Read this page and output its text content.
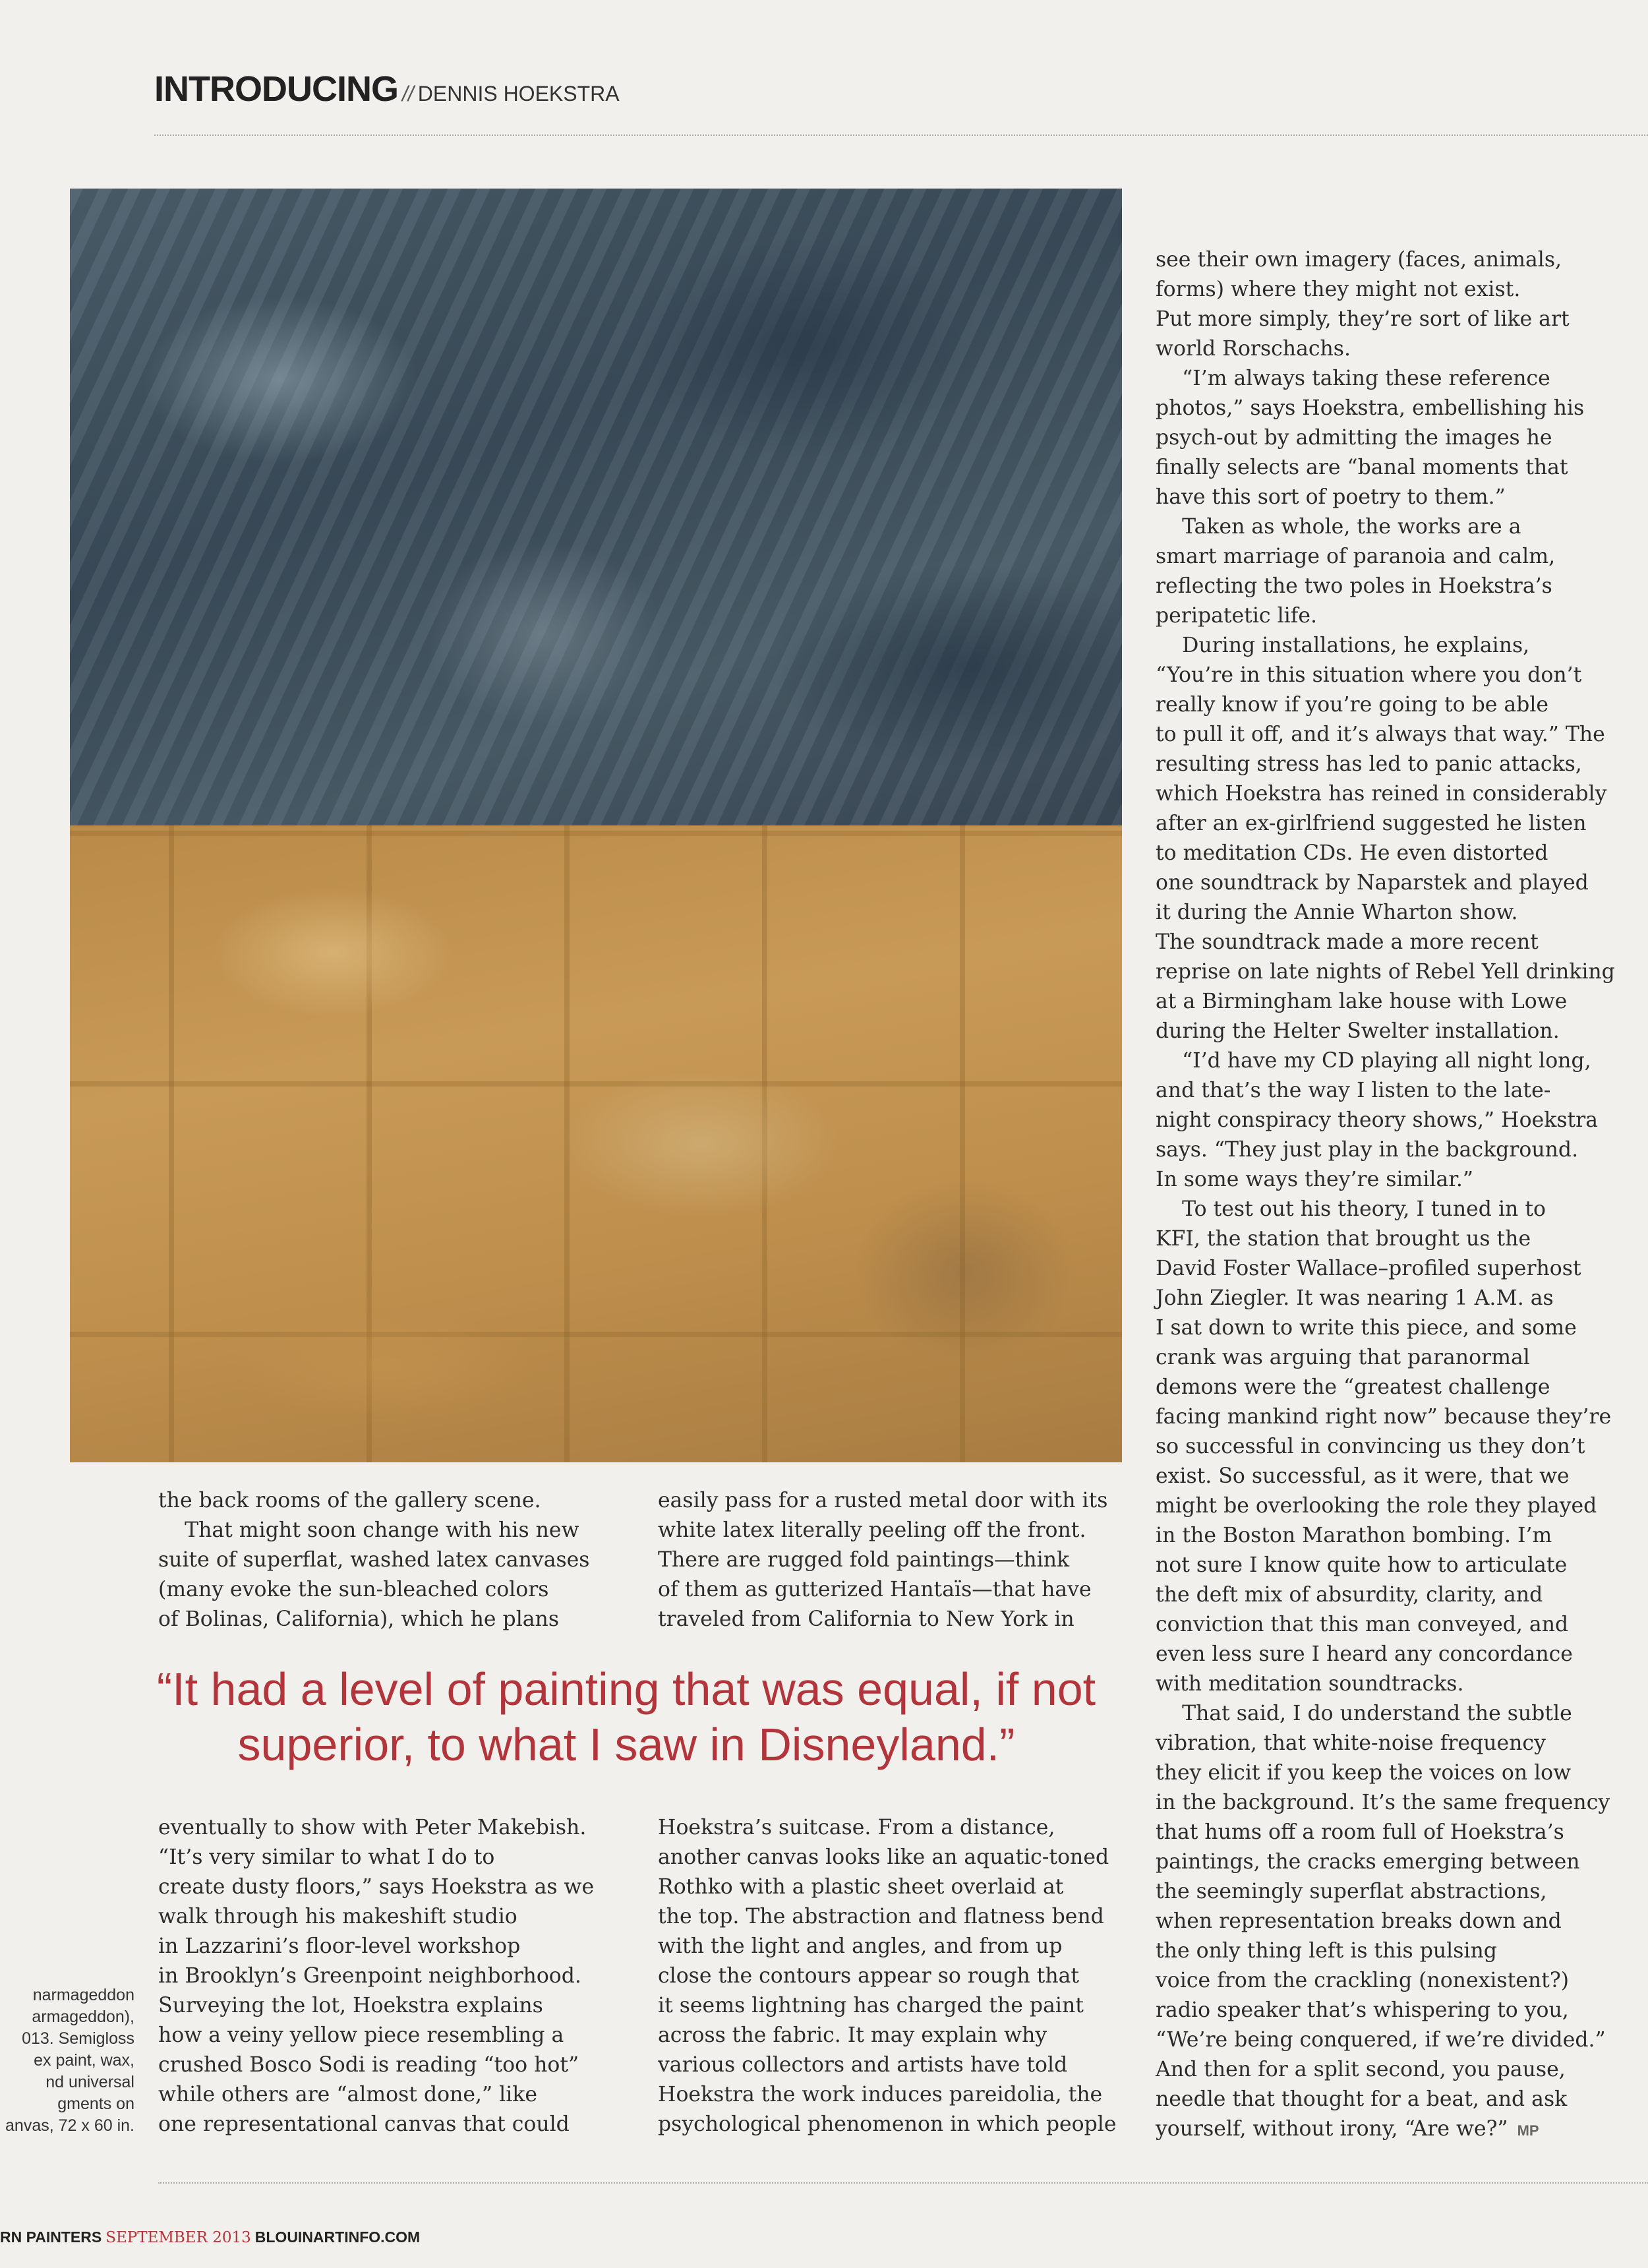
INTRODUCING // DENNIS HOEKSTRA
the back rooms of the gallery scene.
That might soon change with his new
suite of superflat, washed latex canvases
(many evoke the sun-bleached colors
of Bolinas, California), which he plans
easily pass for a rusted metal door with its
white latex literally peeling off the front.
There are rugged fold paintings—think
of them as gutterized Hantaïs—that have
traveled from California to New York in
“It had a level of painting that was equal, if not superior, to what I saw in Disneyland.”
narmageddon
armageddon),
013. Semigloss
ex paint, wax,
nd universal
gments on
anvas, 72 x 60 in.
eventually to show with Peter Makebish.
“It’s very similar to what I do to
create dusty floors,” says Hoekstra as we
walk through his makeshift studio
in Lazzarini’s floor-level workshop
in Brooklyn’s Greenpoint neighborhood.
Surveying the lot, Hoekstra explains
how a veiny yellow piece resembling a
crushed Bosco Sodi is reading “too hot”
while others are “almost done,” like
one representational canvas that could
Hoekstra’s suitcase. From a distance,
another canvas looks like an aquatic-toned
Rothko with a plastic sheet overlaid at
the top. The abstraction and flatness bend
with the light and angles, and from up
close the contours appear so rough that
it seems lightning has charged the paint
across the fabric. It may explain why
various collectors and artists have told
Hoekstra the work induces pareidolia, the
psychological phenomenon in which people
see their own imagery (faces, animals,
forms) where they might not exist.
Put more simply, they’re sort of like art
world Rorschachs.
“I’m always taking these reference
photos,” says Hoekstra, embellishing his
psych-out by admitting the images he
finally selects are “banal moments that
have this sort of poetry to them.”
Taken as whole, the works are a
smart marriage of paranoia and calm,
reflecting the two poles in Hoekstra’s
peripatetic life.
During installations, he explains,
“You’re in this situation where you don’t
really know if you’re going to be able
to pull it off, and it’s always that way.” The
resulting stress has led to panic attacks,
which Hoekstra has reined in considerably
after an ex-girlfriend suggested he listen
to meditation CDs. He even distorted
one soundtrack by Naparstek and played
it during the Annie Wharton show.
The soundtrack made a more recent
reprise on late nights of Rebel Yell drinking
at a Birmingham lake house with Lowe
during the Helter Swelter installation.
“I’d have my CD playing all night long,
and that’s the way I listen to the late-
night conspiracy theory shows,” Hoekstra
says. “They just play in the background.
In some ways they’re similar.”
To test out his theory, I tuned in to
KFI, the station that brought us the
David Foster Wallace–profiled superhost
John Ziegler. It was nearing 1 A.M. as
I sat down to write this piece, and some
crank was arguing that paranormal
demons were the “greatest challenge
facing mankind right now” because they’re
so successful in convincing us they don’t
exist. So successful, as it were, that we
might be overlooking the role they played
in the Boston Marathon bombing. I’m
not sure I know quite how to articulate
the deft mix of absurdity, clarity, and
conviction that this man conveyed, and
even less sure I heard any concordance
with meditation soundtracks.
That said, I do understand the subtle
vibration, that white-noise frequency
they elicit if you keep the voices on low
in the background. It’s the same frequency
that hums off a room full of Hoekstra’s
paintings, the cracks emerging between
the seemingly superflat abstractions,
when representation breaks down and
the only thing left is this pulsing
voice from the crackling (nonexistent?)
radio speaker that’s whispering to you,
“We’re being conquered, if we’re divided.”
And then for a split second, you pause,
needle that thought for a beat, and ask
yourself, without irony, “Are we?” MP
RN PAINTERS SEPTEMBER 2013 BLOUINARTINFO.COM
